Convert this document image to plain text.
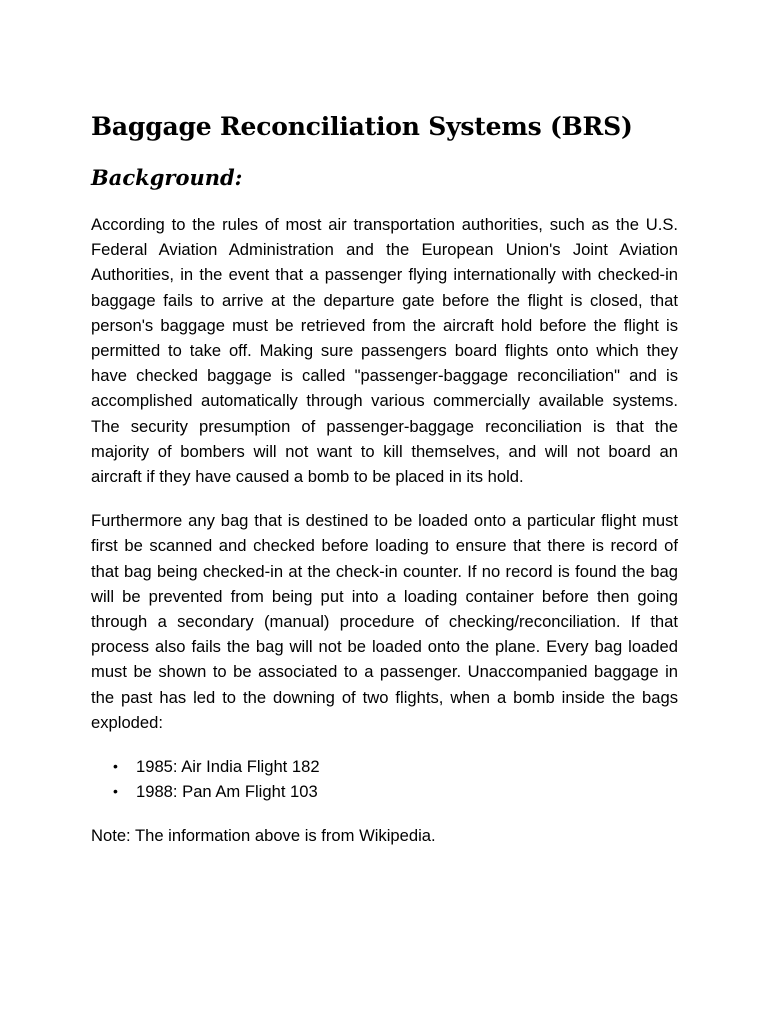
Baggage Reconciliation Systems (BRS)
Background:

According to the rules of most air transportation authorities, such as the U.S. Federal Aviation Administration and the European Union's Joint Aviation Authorities, in the event that a passenger flying internationally with checked-in baggage fails to arrive at the departure gate before the flight is closed, that person's baggage must be retrieved from the aircraft hold before the flight is permitted to take off. Making sure passengers board flights onto which they have checked baggage is called "passenger-baggage reconciliation" and is accomplished automatically through various commercially available systems. The security presumption of passenger-baggage reconciliation is that the majority of bombers will not want to kill themselves, and will not board an aircraft if they have caused a bomb to be placed in its hold.

Furthermore any bag that is destined to be loaded onto a particular flight must first be scanned and checked before loading to ensure that there is record of that bag being checked-in at the check-in counter. If no record is found the bag will be prevented from being put into a loading container before then going through a secondary (manual) procedure of checking/reconciliation. If that process also fails the bag will not be loaded onto the plane. Every bag loaded must be shown to be associated to a passenger. Unaccompanied baggage in the past has led to the downing of two flights, when a bomb inside the bags exploded:

• 1985: Air India Flight 182
• 1988: Pan Am Flight 103

Note: The information above is from Wikipedia.
